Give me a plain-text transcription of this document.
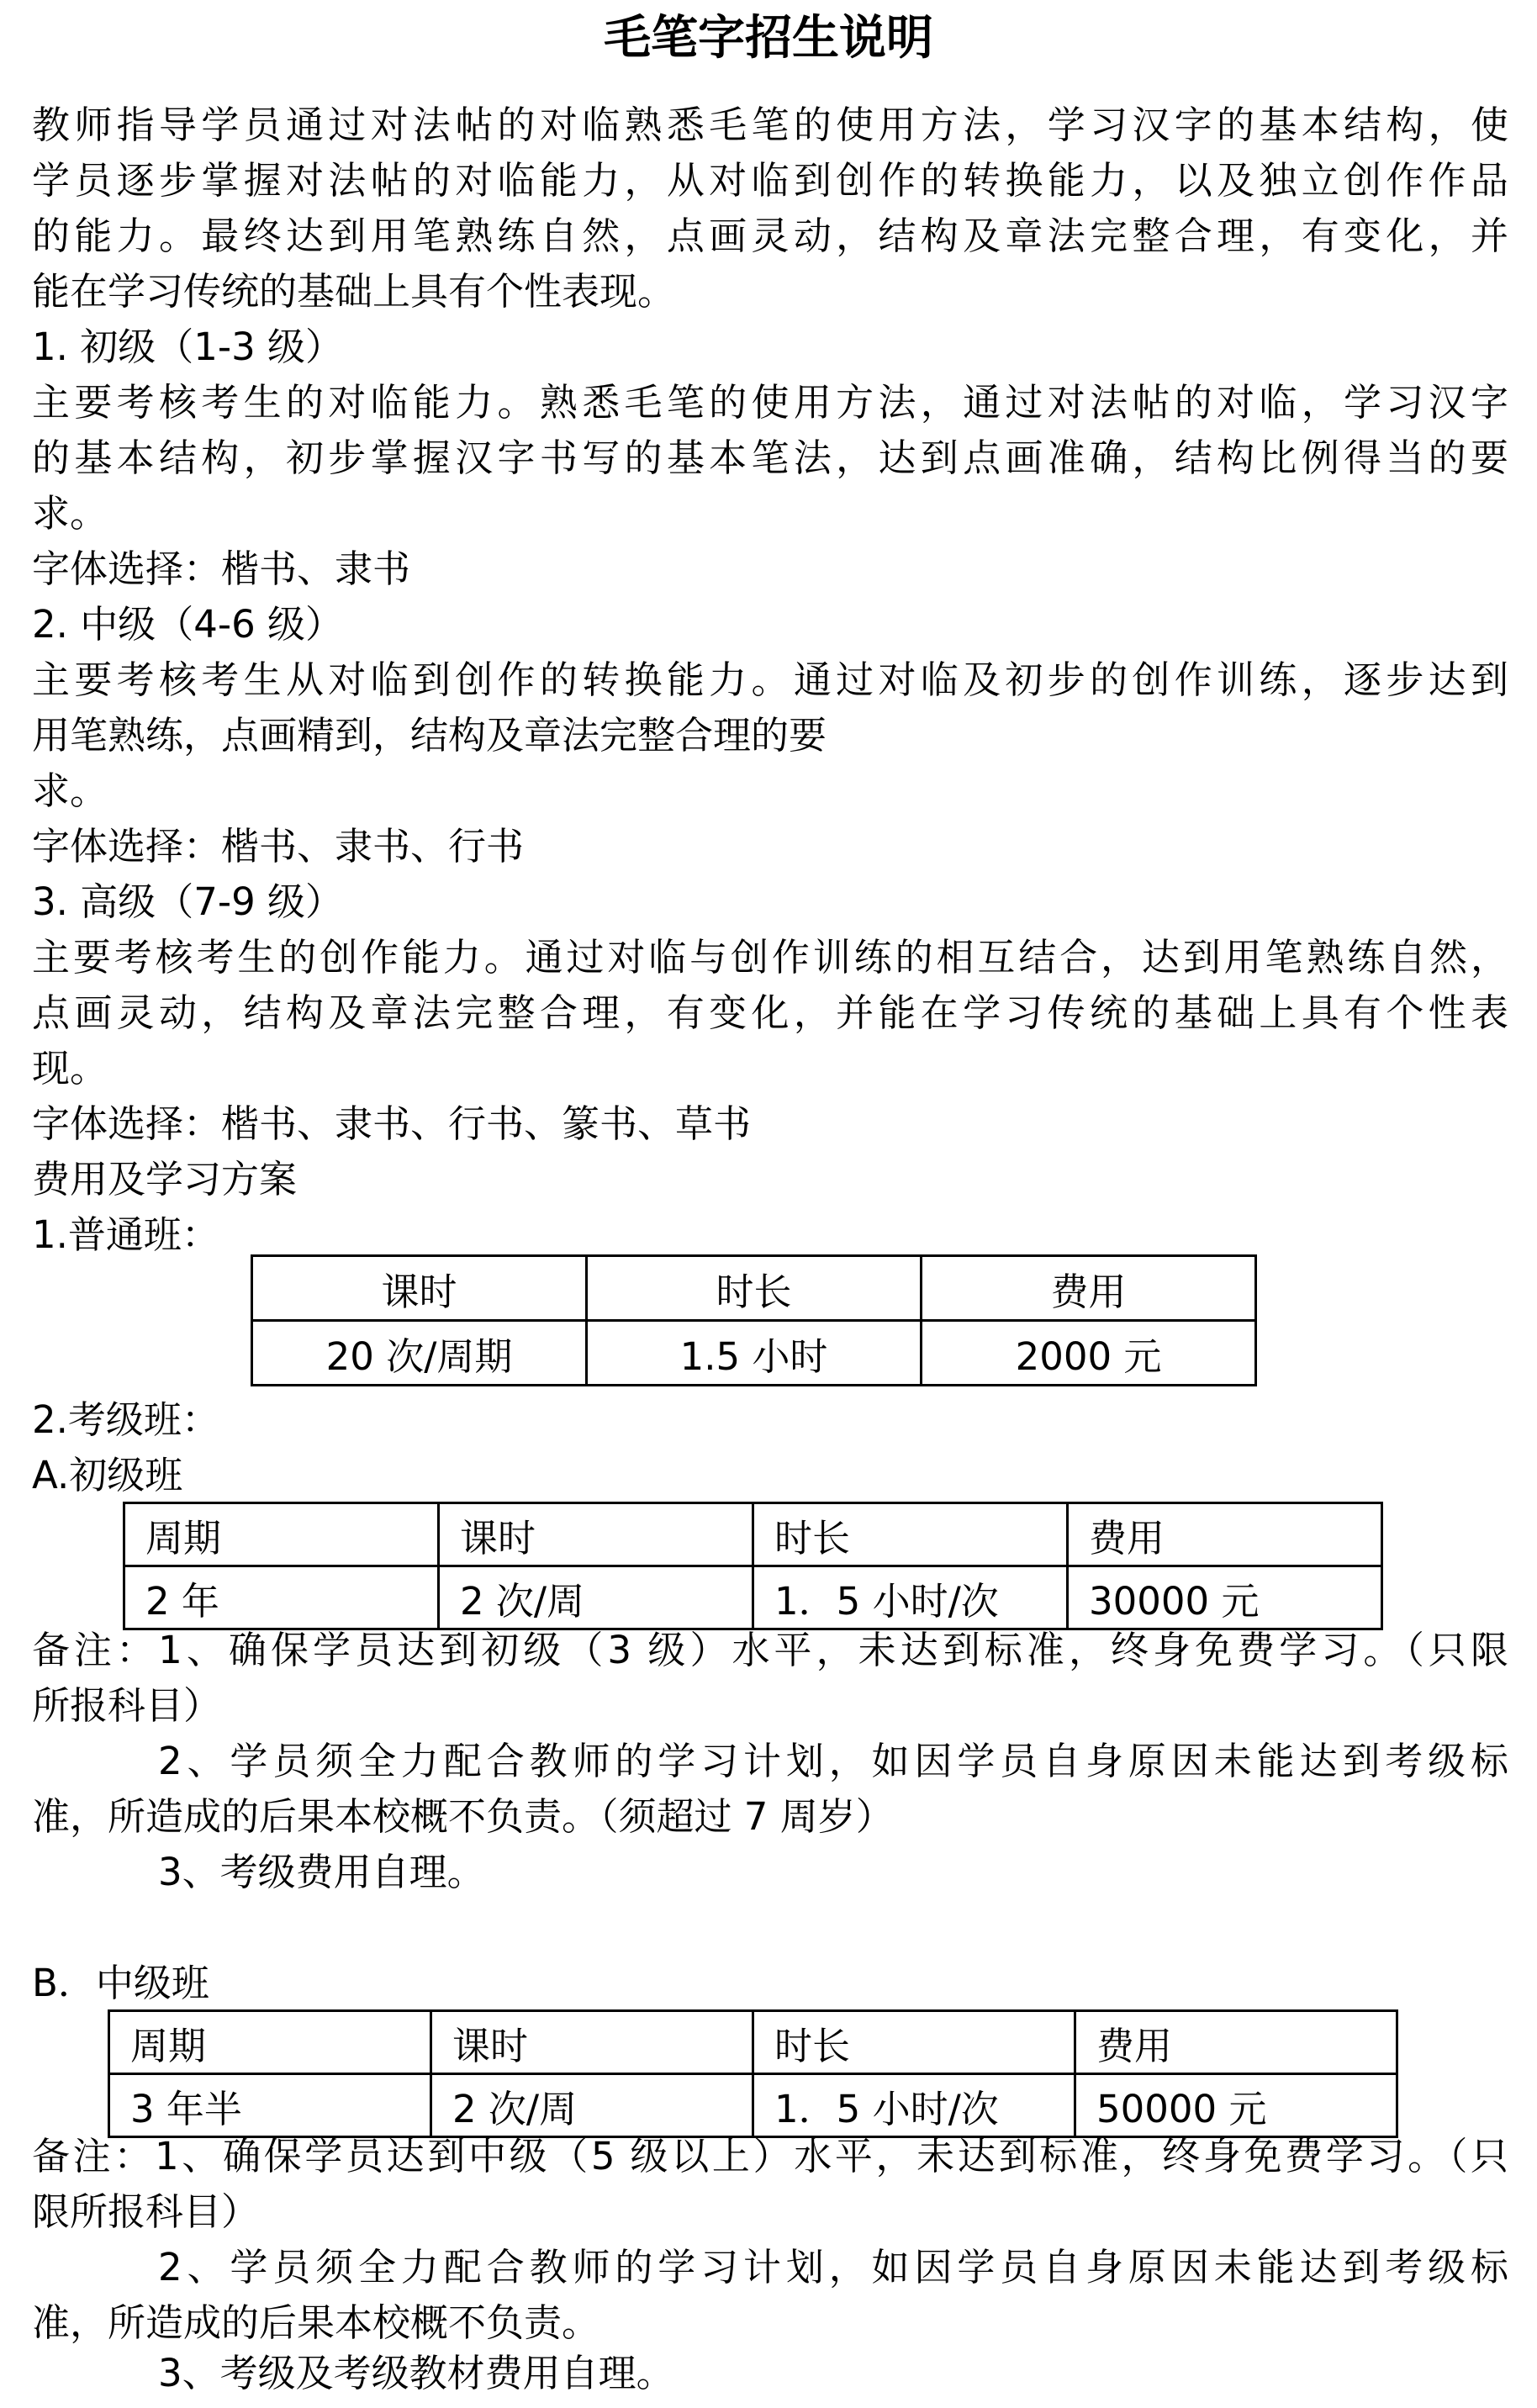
毛笔字招生说明
教师指导学员通过对法帖的对临熟悉毛笔的使用方法，学习汉字的基本结构，使
学员逐步掌握对法帖的对临能力，从对临到创作的转换能力，以及独立创作作品
的能力。最终达到用笔熟练自然，点画灵动，结构及章法完整合理，有变化，并
能在学习传统的基础上具有个性表现。
1. 初级（1-3 级）
主要考核考生的对临能力。熟悉毛笔的使用方法，通过对法帖的对临，学习汉字
的基本结构，初步掌握汉字书写的基本笔法，达到点画准确，结构比例得当的要
求。
字体选择：楷书、隶书
2. 中级（4-6 级）
主要考核考生从对临到创作的转换能力。通过对临及初步的创作训练，逐步达到
用笔熟练，点画精到，结构及章法完整合理的要
求。
字体选择：楷书、隶书、行书
3. 高级（7-9 级）
主要考核考生的创作能力。通过对临与创作训练的相互结合，达到用笔熟练自然，
点画灵动，结构及章法完整合理，有变化，并能在学习传统的基础上具有个性表
现。
字体选择：楷书、隶书、行书、篆书、草书
费用及学习方案
1.普通班：
课时	时长	费用
20 次/周期	1.5 小时	2000 元
2.考级班：
A.初级班
周期	课时	时长	费用
2 年	2 次/周	1．5 小时/次	30000 元
备注：1、确保学员达到初级（3 级）水平，未达到标准，终身免费学习。（只限
所报科目）
2、学员须全力配合教师的学习计划，如因学员自身原因未能达到考级标
准，所造成的后果本校概不负责。（须超过 7 周岁）
3、考级费用自理。
B．中级班
周期	课时	时长	费用
3 年半	2 次/周	1．5 小时/次	50000 元
备注：1、确保学员达到中级（5 级以上）水平，未达到标准，终身免费学习。（只
限所报科目）
2、学员须全力配合教师的学习计划，如因学员自身原因未能达到考级标
准，所造成的后果本校概不负责。
3、考级及考级教材费用自理。
